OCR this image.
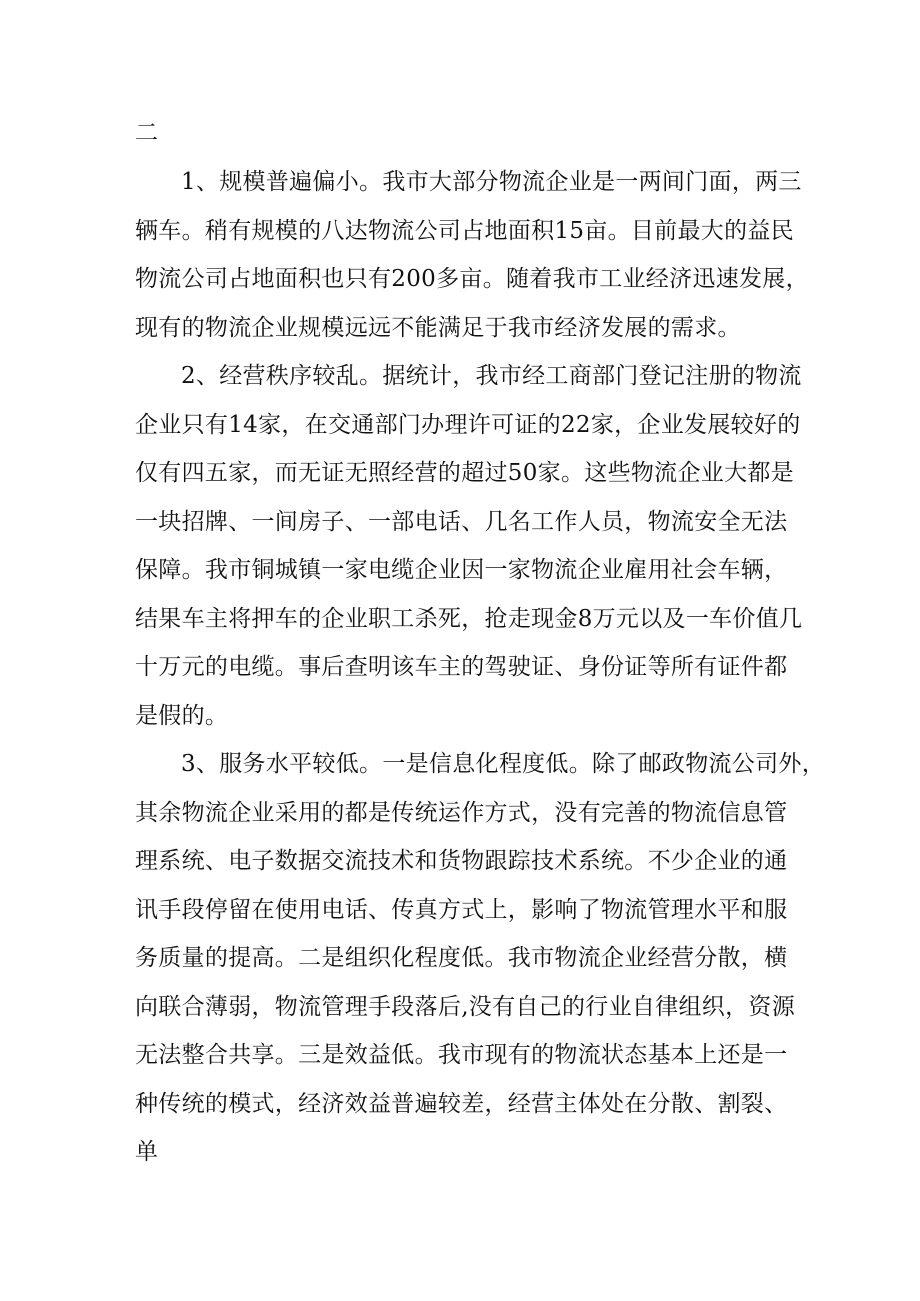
二
1、规模普遍偏小。我市大部分物流企业是一两间门面，两三
辆车。稍有规模的八达物流公司占地面积15亩。目前最大的益民
物流公司占地面积也只有200多亩。随着我市工业经济迅速发展，
现有的物流企业规模远远不能满足于我市经济发展的需求。
2、经营秩序较乱。据统计，我市经工商部门登记注册的物流
企业只有14家，在交通部门办理许可证的22家，企业发展较好的
仅有四五家，而无证无照经营的超过50家。这些物流企业大都是
一块招牌、一间房子、一部电话、几名工作人员，物流安全无法
保障。我市铜城镇一家电缆企业因一家物流企业雇用社会车辆，
结果车主将押车的企业职工杀死，抢走现金8万元以及一车价值几
十万元的电缆。事后查明该车主的驾驶证、身份证等所有证件都
是假的。
3、服务水平较低。一是信息化程度低。除了邮政物流公司外，
其余物流企业采用的都是传统运作方式，没有完善的物流信息管
理系统、电子数据交流技术和货物跟踪技术系统。不少企业的通
讯手段停留在使用电话、传真方式上，影响了物流管理水平和服
务质量的提高。二是组织化程度低。我市物流企业经营分散，横
向联合薄弱，物流管理手段落后,没有自己的行业自律组织，资源
无法整合共享。三是效益低。我市现有的物流状态基本上还是一
种传统的模式，经济效益普遍较差，经营主体处在分散、割裂、
单
